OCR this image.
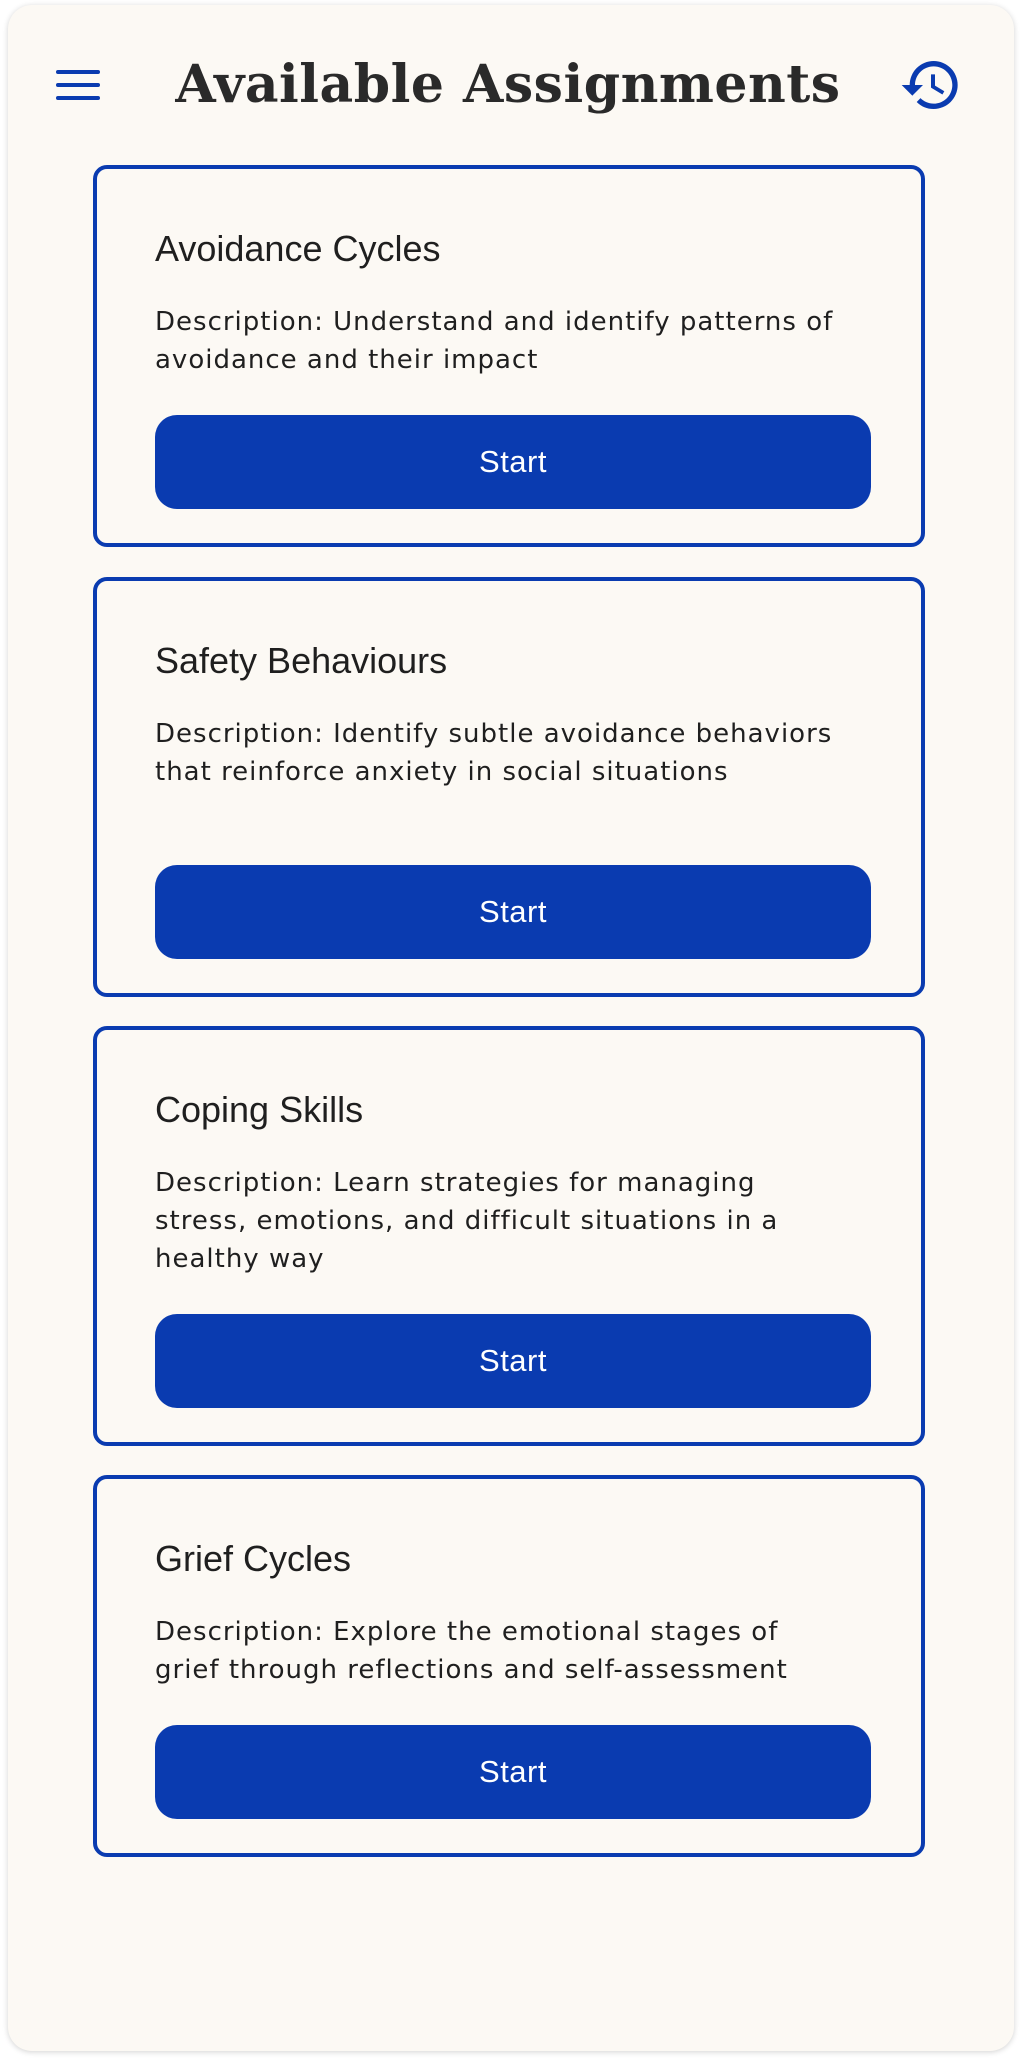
Available Assignments
Avoidance Cycles
Description: Understand and identify patterns of avoidance and their impact
Start
Safety Behaviours
Description: Identify subtle avoidance behaviors that reinforce anxiety in social situations
Start
Coping Skills
Description: Learn strategies for managing stress, emotions, and difficult situations in a healthy way
Start
Grief Cycles
Description: Explore the emotional stages of grief through reflections and self-assessment
Start
